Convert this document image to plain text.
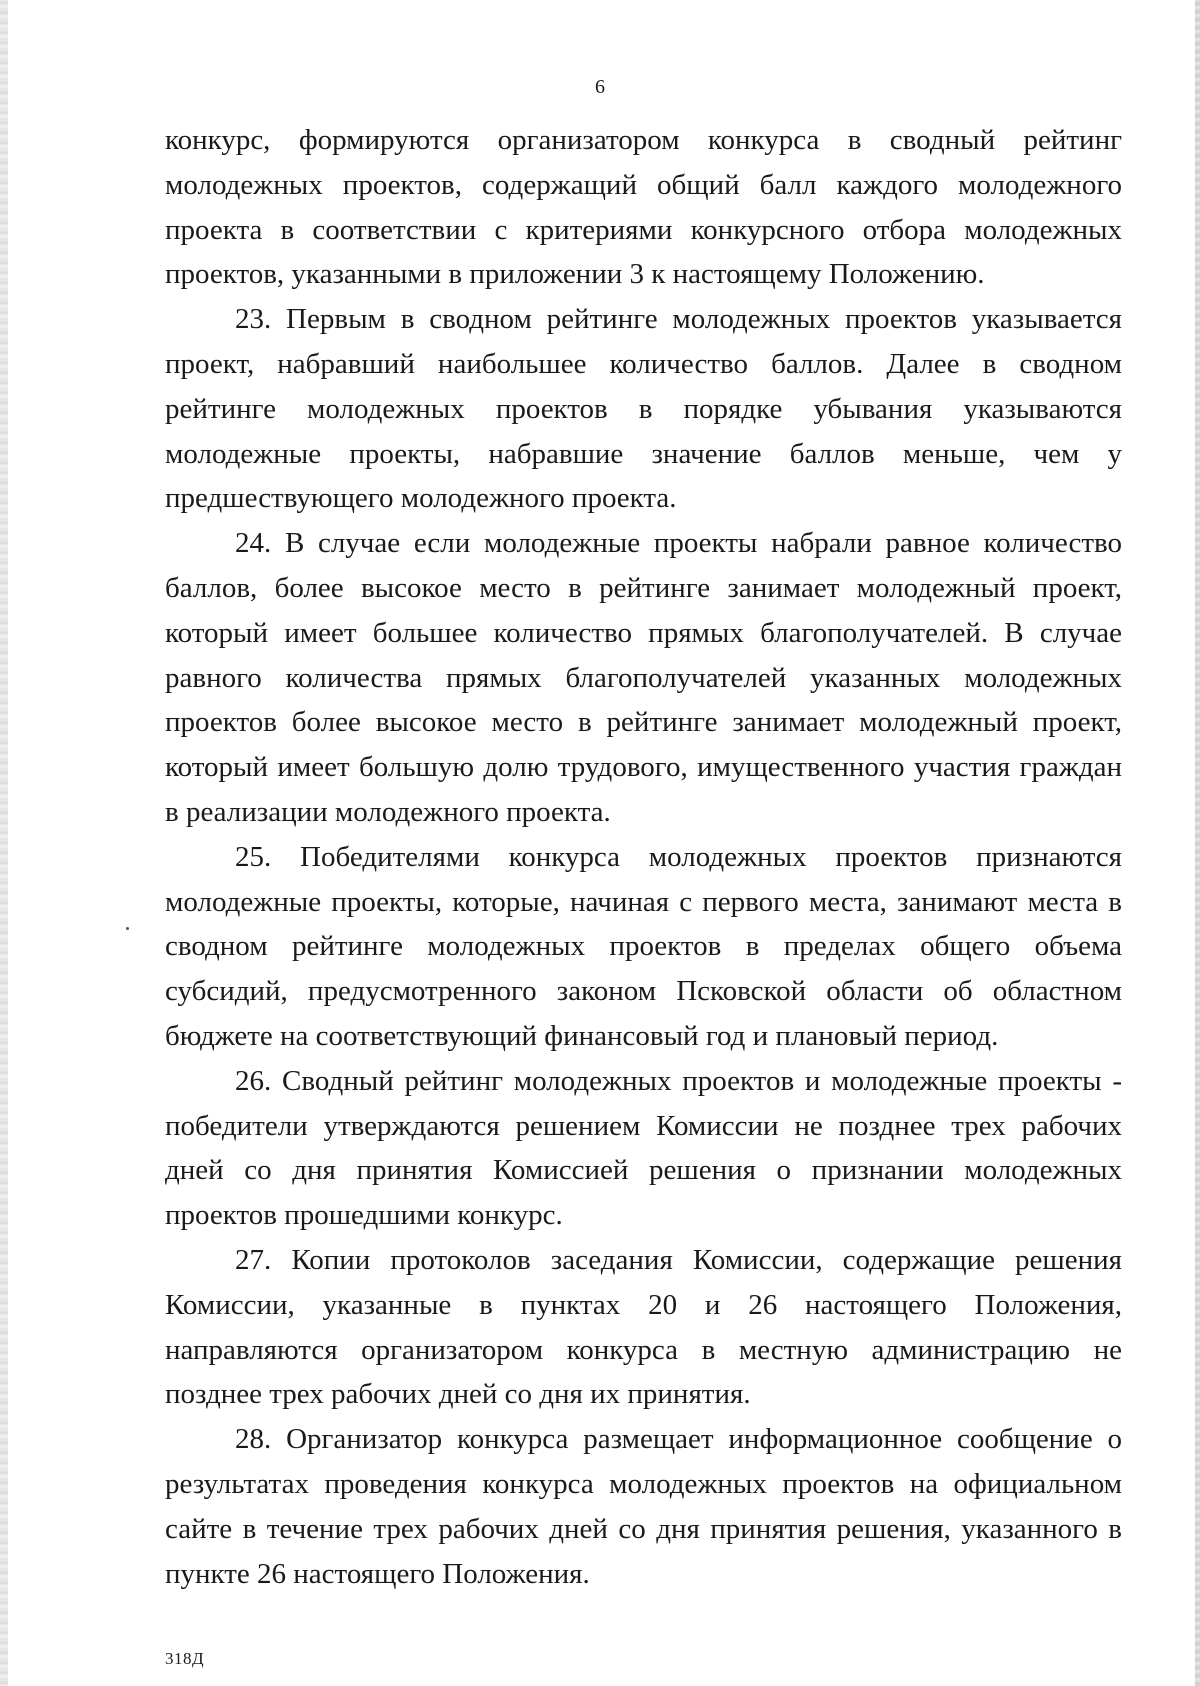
6

конкурс, формируются организатором конкурса в сводный рейтинг молодежных проектов, содержащий общий балл каждого молодежного проекта в соответствии с критериями конкурсного отбора молодежных проектов, указанными в приложении 3 к настоящему Положению.

23. Первым в сводном рейтинге молодежных проектов указывается проект, набравший наибольшее количество баллов. Далее в сводном рейтинге молодежных проектов в порядке убывания указываются молодежные проекты, набравшие значение баллов меньше, чем у предшествующего молодежного проекта.

24. В случае если молодежные проекты набрали равное количество баллов, более высокое место в рейтинге занимает молодежный проект, который имеет большее количество прямых благополучателей. В случае равного количества прямых благополучателей указанных молодежных проектов более высокое место в рейтинге занимает молодежный проект, который имеет большую долю трудового, имущественного участия граждан в реализации молодежного проекта.

25. Победителями конкурса молодежных проектов признаются молодежные проекты, которые, начиная с первого места, занимают места в сводном рейтинге молодежных проектов в пределах общего объема субсидий, предусмотренного законом Псковской области об областном бюджете на соответствующий финансовый год и плановый период.

26. Сводный рейтинг молодежных проектов и молодежные проекты - победители утверждаются решением Комиссии не позднее трех рабочих дней со дня принятия Комиссией решения о признании молодежных проектов прошедшими конкурс.

27. Копии протоколов заседания Комиссии, содержащие решения Комиссии, указанные в пунктах 20 и 26 настоящего Положения, направляются организатором конкурса в местную администрацию не позднее трех рабочих дней со дня их принятия.

28. Организатор конкурса размещает информационное сообщение о результатах проведения конкурса молодежных проектов на официальном сайте в течение трех рабочих дней со дня принятия решения, указанного в пункте 26 настоящего Положения.

318Д
